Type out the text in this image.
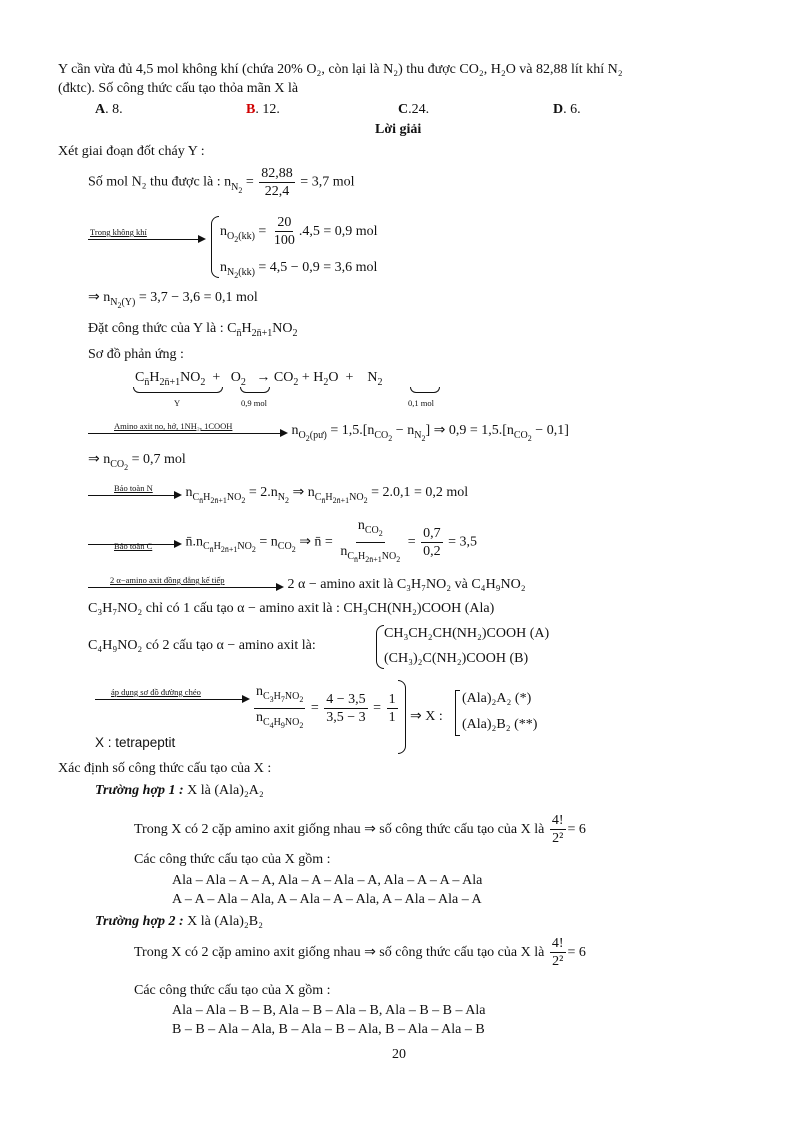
Y cần vừa đủ 4,5 mol không khí (chứa 20% O₂, còn lại là N₂) thu được CO₂, H₂O và 82,88 lít khí N₂
(đktc). Số công thức cấu tạo thỏa mãn X là
A. 8.	B. 12.	C.24.	D. 6.
Lời giải
Xét giai đoạn đốt cháy Y :
Số mol N₂ thu được là : $n_{N_2} = \frac{82,88}{22,4} = 3,7$ mol
Trong không khí	$n_{O_2(kk)} = \frac{20}{100} .4,5 = 0,9$ mol
$n_{N_2(kk)} = 4,5 - 0,9 = 3,6$ mol
⇒ $n_{N_2(Y)} = 3,7 - 3,6 = 0,1$ mol
Đặt công thức của Y là : $C_{n̄}H_{2n̄+1}NO_2$
Sơ đồ phản ứng :
$C_{n̄}H_{2n̄+1}NO_2 + O_2 \to CO_2 + H_2O$  +    $N_2$
Y	0,9 mol	0,1 mol
Amino axit no, hở, 1NH₂, 1COOH	$n_{O_2(pư)} = 1,5.[n_{CO_2} - n_{N_2}]$ ⇒ $0,9 = 1,5.[n_{CO_2} - 0,1]$
⇒ $n_{CO_2} = 0,7$ mol
Bảo toàn N $n_{C_{n̄}H_{2n̄+1}NO_2} = 2.n_{N_2}$ ⇒ $n_{C_{n̄}H_{2n̄+1}NO_2} = 2.0,1 = 0,2$ mol
Bảo toàn C $n̄.n_{C_{n̄}H_{2n̄+1}NO_2} = n_{CO_2}$ ⇒ n̄ = $\frac{n_{CO_2}}{n_{C_{n̄}H_{2n̄+1}NO_2}} = \frac{0,7}{0,2} = 3,5$
2 α−amino axit đồng đẳng kế tiếp	2 α − amino axit là C₃H₇NO₂ và C₄H₉NO₂
C₃H₇NO₂ chỉ có 1 cấu tạo α − amino axit là : CH₃CH(NH₂)COOH (Ala)
C₄H₉NO₂ có 2 cấu tạo α − amino axit là:
CH₃CH₂CH(NH₂)COOH (A)
(CH₃)₂C(NH₂)COOH (B)
áp dụng sơ đồ đường chéo	$\frac{n_{C_3H_7NO_2}}{n_{C_4H_9NO_2}} = \frac{4 - 3,5}{3,5 - 3} = \frac{1}{1}$ ⇒ X :
(Ala)₂A₂ (*)
(Ala)₂B₂ (**)
X : tetrapeptit
Xác định số công thức cấu tạo của X :
Trường hợp 1 : X là (Ala)₂A₂
Trong X có 2 cặp amino axit giống nhau ⇒ số công thức cấu tạo của X là $\frac{4!}{\text{2²}} = 6$
Các công thức cấu tạo của X gồm :
Ala – Ala – A – A, Ala – A – Ala – A, Ala – A – A – Ala
A – A – Ala – Ala, A – Ala – A – Ala, A – Ala – Ala – A
Trường hợp 2 : X là (Ala)₂B₂
Trong X có 2 cặp amino axit giống nhau ⇒ số công thức cấu tạo của X là $\frac{4!}{\text{2²}} = 6$
Các công thức cấu tạo của X gồm :
Ala – Ala – B – B, Ala – B – Ala – B, Ala – B – B – Ala
B – B – Ala – Ala, B – Ala – B – Ala, B – Ala – Ala – B
20
